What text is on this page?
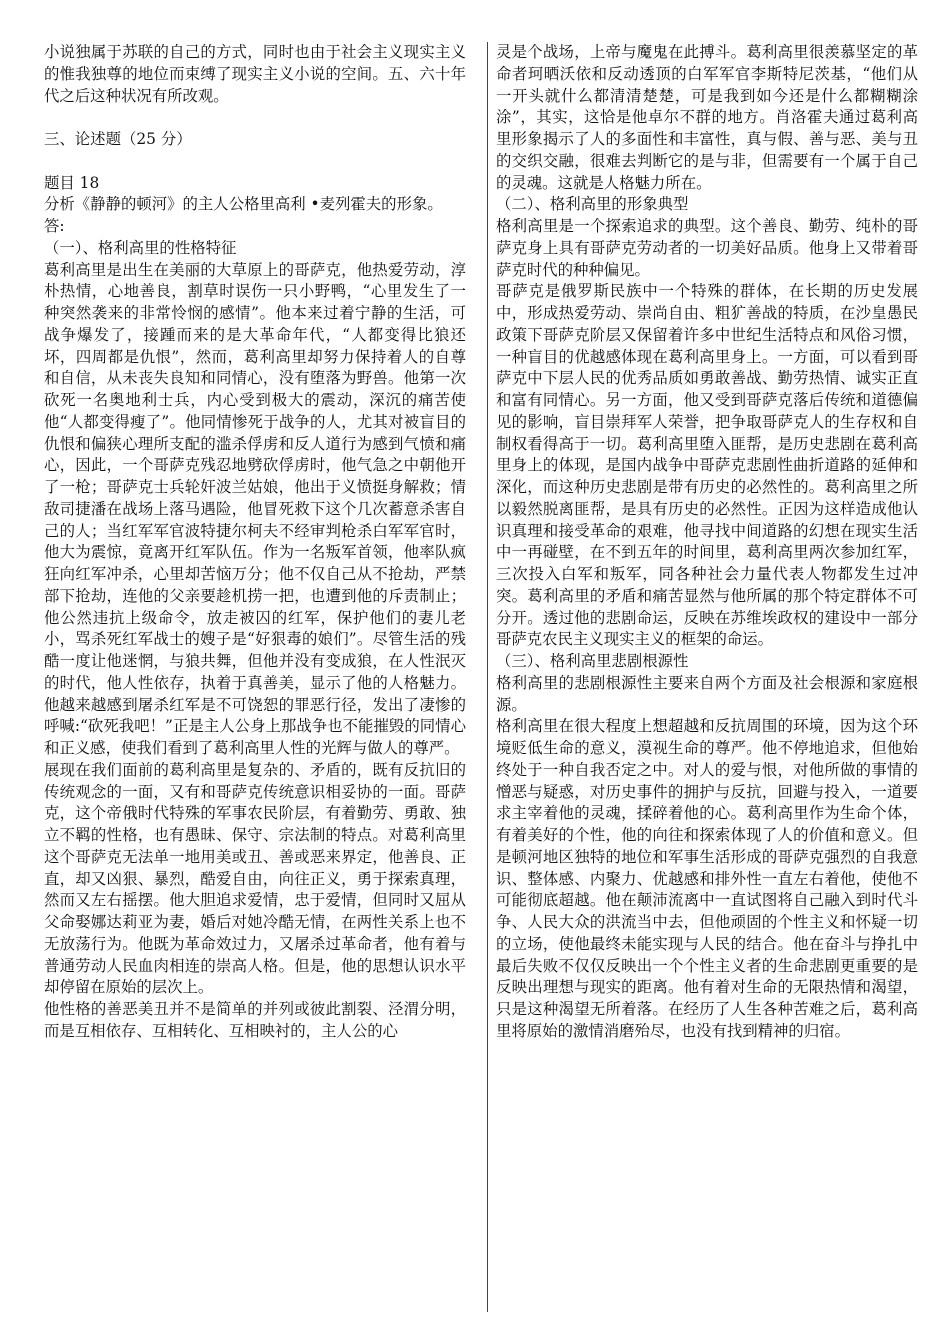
小说独属于苏联的自己的方式，同时也由于社会主义现实主义的惟我独尊的地位而束缚了现实主义小说的空间。五、六十年代之后这种状况有所改观。

三、论述题（25 分）

题目 18

分析《静静的顿河》的主人公格里高利 •麦列霍夫的形象。

答:

（一）、格利高里的性格特征

葛利高里是出生在美丽的大草原上的哥萨克，他热爱劳动，淳朴热情，心地善良，割草时误伤一只小野鸭，“心里发生了一种突然袭来的非常怜悯的感情”。他本来过着宁静的生活，可战争爆发了，接踵而来的是大革命年代，“人都变得比狼还坏，四周都是仇恨”，然而，葛利高里却努力保持着人的自尊和自信，从未丧失良知和同情心，没有堕落为野兽。他第一次砍死一名奥地利士兵，内心受到极大的震动，深沉的痛苦使他“人都变得瘦了”。他同情惨死于战争的人，尤其对被盲目的仇恨和偏狭心理所支配的滥杀俘虏和反人道行为感到气愤和痛心，因此，一个哥萨克残忍地劈砍俘虏时，他气急之中朝他开了一枪；哥萨克士兵轮奸波兰姑娘，他出于义愤挺身解救；情敌司捷潘在战场上落马遇险，他冒死救下这个几次蓄意杀害自己的人；当红军军官波特捷尔柯夫不经审判枪杀白军军官时，他大为震惊，竟离开红军队伍。作为一名叛军首领，他率队疯狂向红军冲杀，心里却苦恼万分；他不仅自己从不抢劫，严禁部下抢劫，连他的父亲要趁机捞一把，也遭到他的斥责制止；他公然违抗上级命令，放走被囚的红军，保护他们的妻儿老小，骂杀死红军战士的嫂子是“好狠毒的娘们”。尽管生活的残酷一度让他迷惘，与狼共舞，但他并没有变成狼，在人性泯灭的时代，他人性依存，执着于真善美，显示了他的人格魅力。他越来越感到屠杀红军是不可饶恕的罪恶行径，发出了凄惨的呼喊:“砍死我吧！”正是主人公身上那战争也不能摧毁的同情心和正义感，使我们看到了葛利高里人性的光辉与做人的尊严。

展现在我们面前的葛利高里是复杂的、矛盾的，既有反抗旧的传统观念的一面，又有和哥萨克传统意识相妥协的一面。哥萨克，这个帝俄时代特殊的军事农民阶层，有着勤劳、勇敢、独立不羁的性格，也有愚昧、保守、宗法制的特点。对葛利高里这个哥萨克无法单一地用美或丑、善或恶来界定，他善良、正直，却又凶狠、暴烈，酷爱自由，向往正义，勇于探索真理，然而又左右摇摆。他大胆追求爱情，忠于爱情，但同时又屈从父命娶娜达莉亚为妻，婚后对她冷酷无情，在两性关系上也不无放荡行为。他既为革命效过力，又屠杀过革命者，他有着与普通劳动人民血肉相连的崇高人格。但是，他的思想认识水平却停留在原始的层次上。

他性格的善恶美丑并不是简单的并列或彼此割裂、泾渭分明，而是互相依存、互相转化、互相映衬的，主人公的心

灵是个战场，上帝与魔鬼在此搏斗。葛利高里很羡慕坚定的革命者珂晒沃依和反动透顶的白军军官李斯特尼茨基，“他们从一开头就什么都清清楚楚，可是我到如今还是什么都糊糊涂涂”，其实，这恰是他卓尔不群的地方。肖洛霍夫通过葛利高里形象揭示了人的多面性和丰富性，真与假、善与恶、美与丑的交织交融，很难去判断它的是与非，但需要有一个属于自己的灵魂。这就是人格魅力所在。

（二）、格利高里的形象典型

格利高里是一个探索追求的典型。这个善良、勤劳、纯朴的哥萨克身上具有哥萨克劳动者的一切美好品质。他身上又带着哥萨克时代的种种偏见。

哥萨克是俄罗斯民族中一个特殊的群体，在长期的历史发展中，形成热爱劳动、崇尚自由、粗犷善战的特质，在沙皇愚民政策下哥萨克阶层又保留着许多中世纪生活特点和风俗习惯，一种盲目的优越感体现在葛利高里身上。一方面，可以看到哥萨克中下层人民的优秀品质如勇敢善战、勤劳热情、诚实正直和富有同情心。另一方面，他又受到哥萨克落后传统和道德偏见的影响，盲目崇拜军人荣誉，把争取哥萨克人的生存权和自制权看得高于一切。葛利高里堕入匪帮，是历史悲剧在葛利高里身上的体现，是国内战争中哥萨克悲剧性曲折道路的延伸和深化，而这种历史悲剧是带有历史的必然性的。葛利高里之所以毅然脱离匪帮，是具有历史的必然性。正因为这样造成他认识真理和接受革命的艰难，他寻找中间道路的幻想在现实生活中一再碰壁，在不到五年的时间里，葛利高里两次参加红军，三次投入白军和叛军，同各种社会力量代表人物都发生过冲突。葛利高里的矛盾和痛苦显然与他所属的那个特定群体不可分开。透过他的悲剧命运，反映在苏维埃政权的建设中一部分哥萨克农民主义现实主义的框架的命运。

（三）、格利高里悲剧根源性

格利高里的悲剧根源性主要来自两个方面及社会根源和家庭根源。

格利高里在很大程度上想超越和反抗周围的环境，因为这个环境贬低生命的意义，漠视生命的尊严。他不停地追求，但他始终处于一种自我否定之中。对人的爱与恨，对他所做的事情的憎恶与疑惑，对历史事件的拥护与反抗，回避与投入，一道要求主宰着他的灵魂，揉碎着他的心。葛利高里作为生命个体，有着美好的个性，他的向往和探索体现了人的价值和意义。但是顿河地区独特的地位和军事生活形成的哥萨克强烈的自我意识、整体感、内聚力、优越感和排外性一直左右着他，使他不可能彻底超越。他在颠沛流离中一直试图将自己融入到时代斗争、人民大众的洪流当中去，但他顽固的个性主义和怀疑一切的立场，使他最终未能实现与人民的结合。他在奋斗与挣扎中最后失败不仅仅反映出一个个性主义者的生命悲剧更重要的是反映出理想与现实的距离。他有着对生命的无限热情和渴望，只是这种渴望无所着落。在经历了人生各种苦难之后，葛利高里将原始的激情消磨殆尽，也没有找到精神的归宿。
